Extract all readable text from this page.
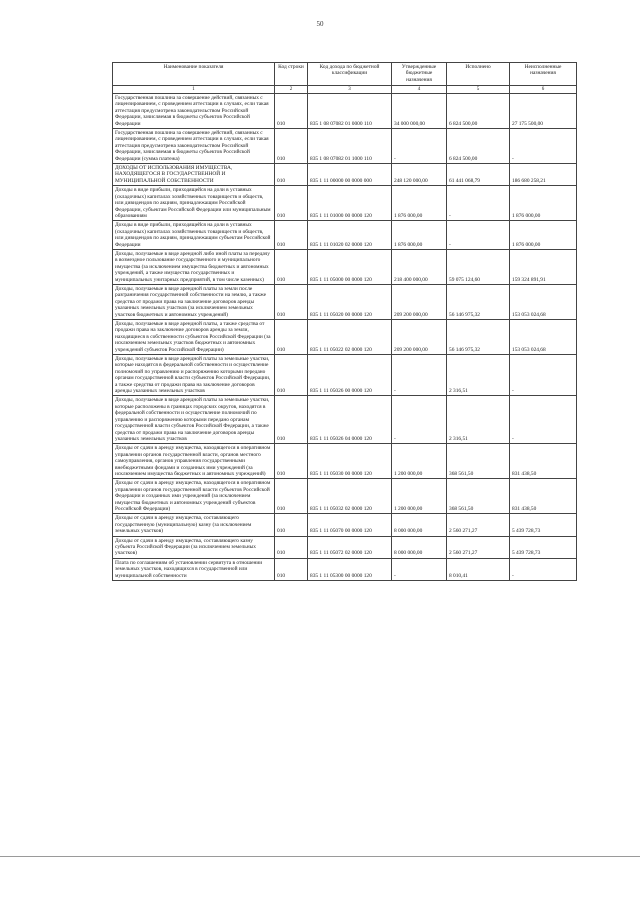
50
Наименование показателя	Код строки	Код дохода по бюджетной классификации	Утвержденные бюджетные назначения	Исполнено	Неисполненные назначения
1	2	3	4	5	6
Государственная пошлина за совершение действий, связанных с лицензированием, с проведением аттестации в случаях, если такая аттестация предусмотрена законодательством Российской Федерации, зачисляемая в бюджеты субъектов Российской Федерации	010	835 1 08 07082 01 0000 110	34 000 000,00	6 824 500,00	27 175 500,00
Государственная пошлина за совершение действий, связанных с лицензированием, с проведением аттестации в случаях, если такая аттестация предусмотрена законодательством Российской Федерации, зачисляемая в бюджеты субъектов Российской Федерации (сумма платежа)	010	835 1 08 07082 01 1000 110	-	6 824 500,00	-
ДОХОДЫ ОТ ИСПОЛЬЗОВАНИЯ ИМУЩЕСТВА, НАХОДЯЩЕГОСЯ В ГОСУДАРСТВЕННОЙ И МУНИЦИПАЛЬНОЙ СОБСТВЕННОСТИ	010	835 1 11 00000 00 0000 000	248 120 000,00	61 441 068,79	186 680 258,21
Доходы в виде прибыли, приходящейся на доли в уставных (складочных) капиталах хозяйственных товариществ и обществ, или дивидендов по акциям, принадлежащим Российской Федерации, субъектам Российской Федерации или муниципальным образованиям	010	835 1 11 01000 00 0000 120	1 876 000,00	-	1 876 000,00
Доходы в виде прибыли, приходящейся на доли в уставных (складочных) капиталах хозяйственных товариществ и обществ, или дивидендов по акциям, принадлежащим субъектам Российской Федерации	010	835 1 11 01020 02 0000 120	1 876 000,00	-	1 876 000,00
Доходы, получаемые в виде арендной либо иной платы за передачу в возмездное пользование государственного и муниципального имущества (за исключением имущества бюджетных и автономных учреждений, а также имущества государственных и муниципальных унитарных предприятий, в том числе казенных)	010	835 1 11 05000 00 0000 120	218 400 000,00	59 075 124,60	159 324 891,91
Доходы, получаемые в виде арендной платы за земли после разграничения государственной собственности на землю, а также средства от продажи права на заключение договоров аренды указанных земельных участков (за исключением земельных участков бюджетных и автономных учреждений)	010	835 1 11 05020 00 0000 120	209 200 000,00	56 146 975,32	153 053 024,68
Доходы, получаемые в виде арендной платы, а также средства от продажи права на заключение договоров аренды за земли, находящиеся в собственности субъектов Российской Федерации (за исключением земельных участков бюджетных и автономных учреждений субъектов Российской Федерации)	010	835 1 11 05022 02 0000 120	209 200 000,00	56 146 975,32	153 053 024,68
Доходы, получаемые в виде арендной платы за земельные участки, которые находятся в федеральной собственности и осуществление полномочий по управлению и распоряжению которыми передано органам государственной власти субъектов Российской Федерации, а также средства от продажи права на заключение договоров аренды указанных земельных участков	010	835 1 11 05026 00 0000 120	-	2 316,51	-
Доходы, получаемые в виде арендной платы за земельные участки, которые расположены в границах городских округов, находятся в федеральной собственности и осуществление полномочий по управлению и распоряжению которыми передано органам государственной власти субъектов Российской Федерации, а также средства от продажи права на заключение договоров аренды указанных земельных участков	010	835 1 11 05026 04 0000 120	-	2 316,51	-
Доходы от сдачи в аренду имущества, находящегося в оперативном управлении органов государственной власти, органов местного самоуправления, органов управления государственными внебюджетными фондами и созданных ими учреждений (за исключением имущества бюджетных и автономных учреждений)	010	835 1 11 05030 00 0000 120	1 200 000,00	368 561,50	831 438,50
Доходы от сдачи в аренду имущества, находящегося в оперативном управлении органов государственной власти субъектов Российской Федерации и созданных ими учреждений (за исключением имущества бюджетных и автономных учреждений субъектов Российской Федерации)	010	835 1 11 05032 02 0000 120	1 200 000,00	368 561,50	831 438,50
Доходы от сдачи в аренду имущества, составляющего государственную (муниципальную) казну (за исключением земельных участков)	010	835 1 11 05070 00 0000 120	8 000 000,00	2 560 271,27	5 439 728,73
Доходы от сдачи в аренду имущества, составляющего казну субъекта Российской Федерации (за исключением земельных участков)	010	835 1 11 05072 02 0000 120	8 000 000,00	2 560 271,27	5 439 728,73
Плата по соглашениям об установлении сервитута в отношении земельных участков, находящихся в государственной или муниципальной собственности	010	835 1 11 05300 00 0000 120	-	8 010,41	-
